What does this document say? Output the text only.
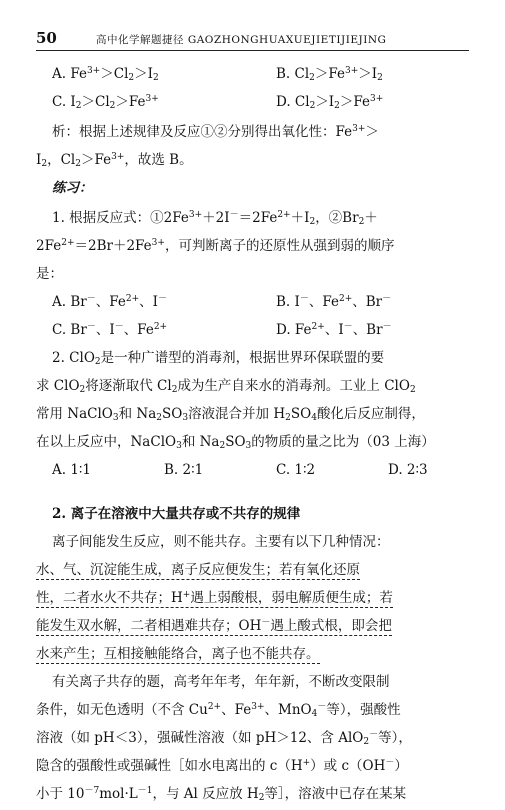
50	高中化学解题捷径 GAOZHONGHUAXUEJIETIJIEJING
A. $Fe^{3+}>Cl_2>I_2$	B. $Cl_2>Fe^{3+}>I_2$
C. $I_2>Cl_2>Fe^{3+}$	D. $Cl_2>I_2>Fe^{3+}$
析：根据上述规律及反应①②分别得出氧化性：$Fe^{3+}>$
$I_2$，$Cl_2>Fe^{3+}$，故选 B。
练习：
1. 根据反应式：$①2Fe^{3+}+2I^-=2Fe^{2+}+I_2$，$②Br_2+$
$2Fe^{2+}=2Br+2Fe^{3+}$，可判断离子的还原性从强到弱的顺序
是：
A. Br－、$Fe^{2+}$、I－	B. I－、$Fe^{2+}$、Br－
C. Br－、I－、$Fe^{2+}$	D. $Fe^{2+}$、I－、Br－
2. ClO$_2$是一种广谱型的消毒剂，根据世界环保联盟的要
求 ClO$_2$将逐渐取代 $Cl_2$成为生产自来水的消毒剂。工业上 ClO$_2$
常用 NaClO$_3$和 $Na_2SO_3$溶液混合并加 $H_2SO_4$酸化后反应制得，
在以上反应中，NaClO$_3$和 $Na_2SO_3$的物质的量之比为（03 上海）
A. 1∶1	B. 2∶1	C. 1∶2	D. 2∶3
2. 离子在溶液中大量共存或不共存的规律
离子间能发生反应，则不能共存。主要有以下几种情况：
水、气、沉淀能生成，离子反应便发生；若有氧化还原
性，二者水火不共存；H+遇上弱酸根，弱电解质便生成；若
能发生双水解，二者相遇难共存；OH－遇上酸式根，即会把
水来产生；互相接触能络合，离子也不能共存。
有关离子共存的题，高考年年考，年年新，不断改变限制
条件，如无色透明（不含 $Cu^{2+}$、$Fe^{3+}$、MnO$_4$－等），强酸性
溶液（如 pH＜3），强碱性溶液（如 pH＞12、含 AlO$_2$－等），
隐含的强酸性或强碱性［如水电离出的 c（H+）或 c（OH－）
小于 $10^{-7}mol\cdot L^{-1}$，与 Al 反应放 $H_2$等］，溶液中已存在某某
